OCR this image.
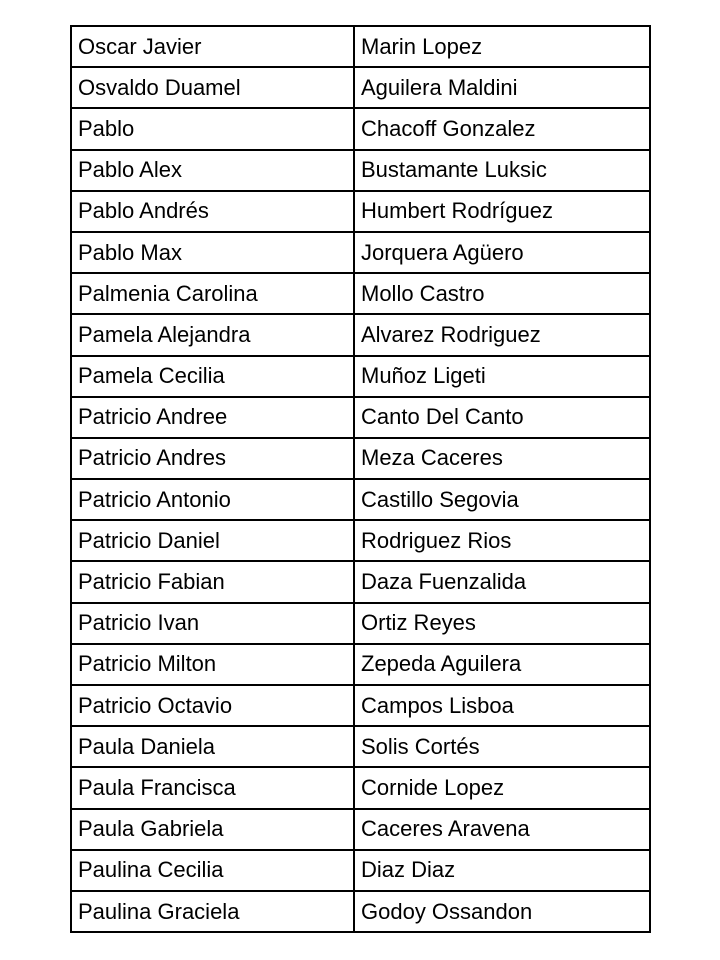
Oscar Javier	Marin Lopez
Osvaldo Duamel	Aguilera Maldini
Pablo	Chacoff Gonzalez
Pablo Alex	Bustamante Luksic
Pablo Andrés	Humbert Rodríguez
Pablo Max	Jorquera Agüero
Palmenia Carolina	Mollo Castro
Pamela Alejandra	Alvarez Rodriguez
Pamela Cecilia	Muñoz Ligeti
Patricio Andree	Canto Del Canto
Patricio Andres	Meza Caceres
Patricio Antonio	Castillo Segovia
Patricio Daniel	Rodriguez Rios
Patricio Fabian	Daza Fuenzalida
Patricio Ivan	Ortiz Reyes
Patricio Milton	Zepeda Aguilera
Patricio Octavio	Campos Lisboa
Paula Daniela	Solis Cortés
Paula Francisca	Cornide Lopez
Paula Gabriela	Caceres Aravena
Paulina Cecilia	Diaz Diaz
Paulina Graciela	Godoy Ossandon
